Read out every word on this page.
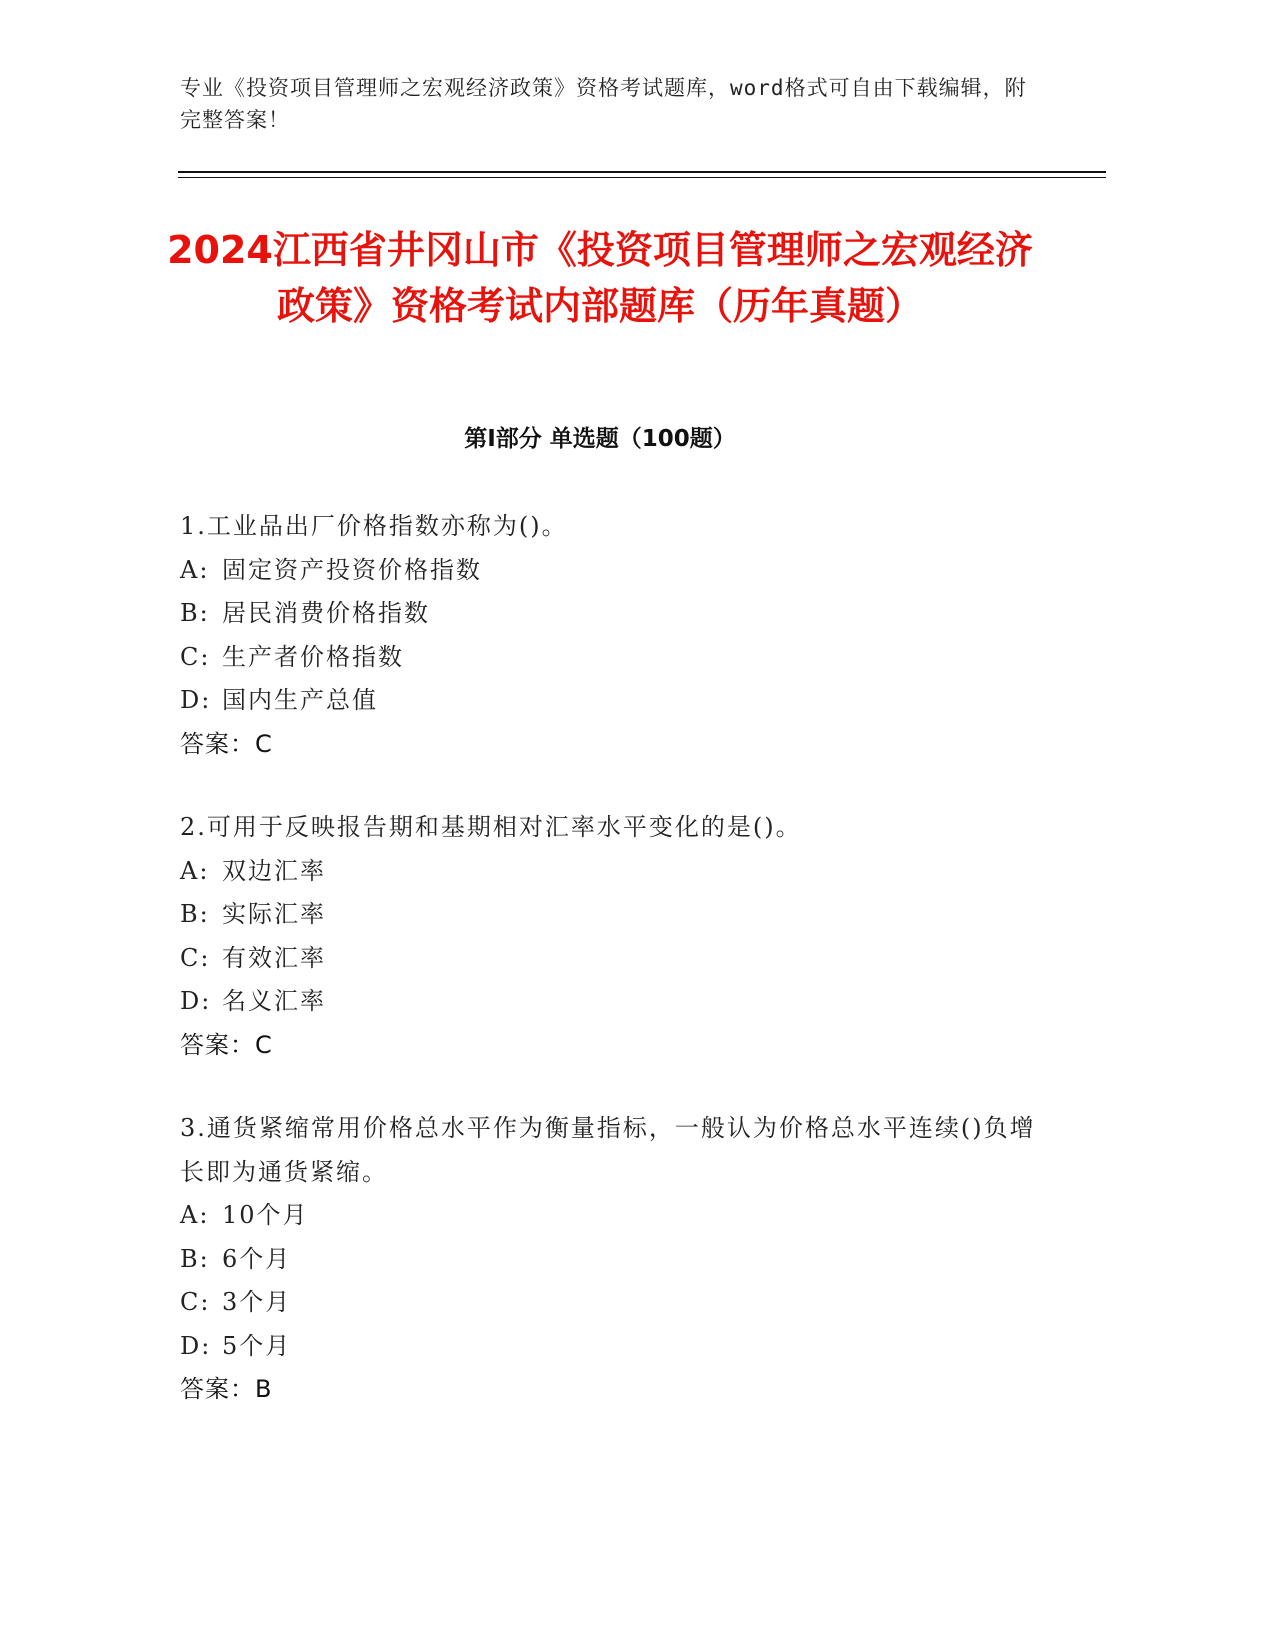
专业《投资项目管理师之宏观经济政策》资格考试题库，word格式可自由下载编辑，附完整答案！
2024江西省井冈山市《投资项目管理师之宏观经济政策》资格考试内部题库（历年真题）
第Ⅰ部分 单选题（100题）
1.工业品出厂价格指数亦称为()。
A: 固定资产投资价格指数
B: 居民消费价格指数
C: 生产者价格指数
D: 国内生产总值
答案：C
2.可用于反映报告期和基期相对汇率水平变化的是()。
A: 双边汇率
B: 实际汇率
C: 有效汇率
D: 名义汇率
答案：C
3.通货紧缩常用价格总水平作为衡量指标，一般认为价格总水平连续()负增长即为通货紧缩。
A: 10个月
B: 6个月
C: 3个月
D: 5个月
答案：B
